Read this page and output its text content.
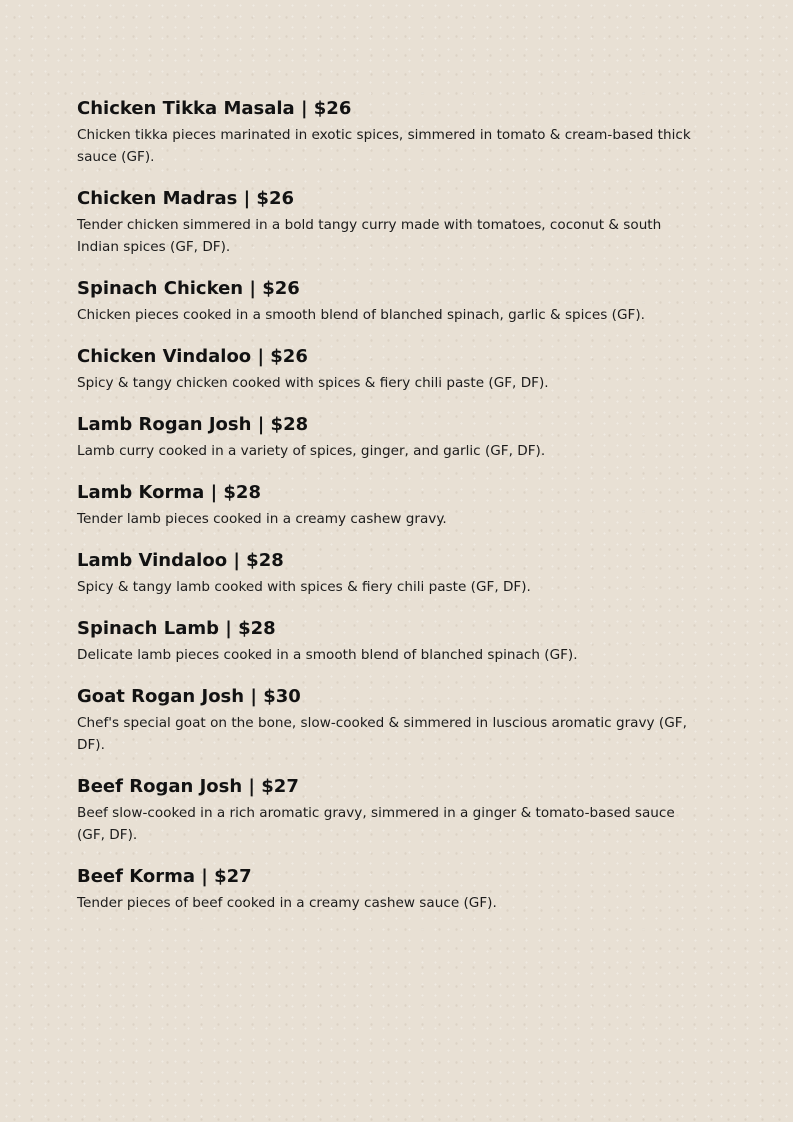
Chicken Tikka Masala | $26

Chicken tikka pieces marinated in exotic spices, simmered in tomato & cream-based thick sauce (GF).

Chicken Madras | $26

Tender chicken simmered in a bold tangy curry made with tomatoes, coconut & south Indian spices (GF, DF).

Spinach Chicken | $26

Chicken pieces cooked in a smooth blend of blanched spinach, garlic & spices (GF).

Chicken Vindaloo | $26

Spicy & tangy chicken cooked with spices & fiery chili paste (GF, DF).

Lamb Rogan Josh | $28

Lamb curry cooked in a variety of spices, ginger, and garlic (GF, DF).

Lamb Korma | $28

Tender lamb pieces cooked in a creamy cashew gravy.

Lamb Vindaloo | $28

Spicy & tangy lamb cooked with spices & fiery chili paste (GF, DF).

Spinach Lamb | $28

Delicate lamb pieces cooked in a smooth blend of blanched spinach (GF).

Goat Rogan Josh | $30

Chef's special goat on the bone, slow-cooked & simmered in luscious aromatic gravy (GF, DF).

Beef Rogan Josh | $27

Beef slow-cooked in a rich aromatic gravy, simmered in a ginger & tomato-based sauce (GF, DF).

Beef Korma | $27

Tender pieces of beef cooked in a creamy cashew sauce (GF).
